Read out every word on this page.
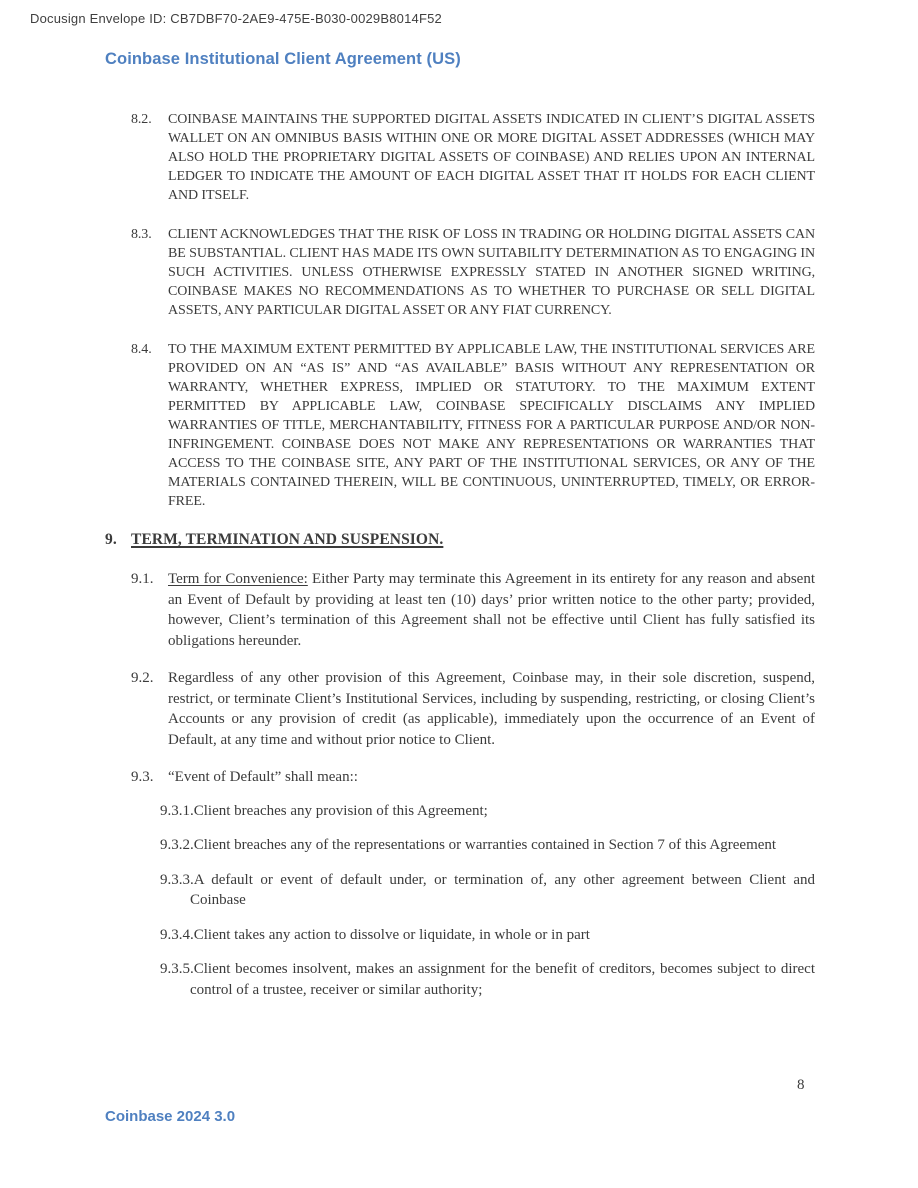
Docusign Envelope ID: CB7DBF70-2AE9-475E-B030-0029B8014F52
Coinbase Institutional Client Agreement (US)
8.2.	COINBASE MAINTAINS THE SUPPORTED DIGITAL ASSETS INDICATED IN CLIENT’S DIGITAL ASSETS WALLET ON AN OMNIBUS BASIS WITHIN ONE OR MORE DIGITAL ASSET ADDRESSES (WHICH MAY ALSO HOLD THE PROPRIETARY DIGITAL ASSETS OF COINBASE) AND RELIES UPON AN INTERNAL LEDGER TO INDICATE THE AMOUNT OF EACH DIGITAL ASSET THAT IT HOLDS FOR EACH CLIENT AND ITSELF.
8.3.	CLIENT ACKNOWLEDGES THAT THE RISK OF LOSS IN TRADING OR HOLDING DIGITAL ASSETS CAN BE SUBSTANTIAL. CLIENT HAS MADE ITS OWN SUITABILITY DETERMINATION AS TO ENGAGING IN SUCH ACTIVITIES. UNLESS OTHERWISE EXPRESSLY STATED IN ANOTHER SIGNED WRITING, COINBASE MAKES NO RECOMMENDATIONS AS TO WHETHER TO PURCHASE OR SELL DIGITAL ASSETS, ANY PARTICULAR DIGITAL ASSET OR ANY FIAT CURRENCY.
8.4.	TO THE MAXIMUM EXTENT PERMITTED BY APPLICABLE LAW, THE INSTITUTIONAL SERVICES ARE PROVIDED ON AN “AS IS” AND “AS AVAILABLE” BASIS WITHOUT ANY REPRESENTATION OR WARRANTY, WHETHER EXPRESS, IMPLIED OR STATUTORY. TO THE MAXIMUM EXTENT PERMITTED BY APPLICABLE LAW, COINBASE SPECIFICALLY DISCLAIMS ANY IMPLIED WARRANTIES OF TITLE, MERCHANTABILITY, FITNESS FOR A PARTICULAR PURPOSE AND/OR NON-INFRINGEMENT. COINBASE DOES NOT MAKE ANY REPRESENTATIONS OR WARRANTIES THAT ACCESS TO THE COINBASE SITE, ANY PART OF THE INSTITUTIONAL SERVICES, OR ANY OF THE MATERIALS CONTAINED THEREIN, WILL BE CONTINUOUS, UNINTERRUPTED, TIMELY, OR ERROR-FREE.
9. TERM, TERMINATION AND SUSPENSION.
9.1. Term for Convenience: Either Party may terminate this Agreement in its entirety for any reason and absent an Event of Default by providing at least ten (10) days’ prior written notice to the other party; provided, however, Client’s termination of this Agreement shall not be effective until Client has fully satisfied its obligations hereunder.
9.2. Regardless of any other provision of this Agreement, Coinbase may, in their sole discretion, suspend, restrict, or terminate Client’s Institutional Services, including by suspending, restricting, or closing Client’s Accounts or any provision of credit (as applicable), immediately upon the occurrence of an Event of Default, at any time and without prior notice to Client.
9.3. “Event of Default” shall mean::
9.3.1.Client breaches any provision of this Agreement;
9.3.2.Client breaches any of the representations or warranties contained in Section 7 of this Agreement
9.3.3.A default or event of default under, or termination of, any other agreement between Client and Coinbase
9.3.4.Client takes any action to dissolve or liquidate, in whole or in part
9.3.5.Client becomes insolvent, makes an assignment for the benefit of creditors, becomes subject to direct control of a trustee, receiver or similar authority;
8
Coinbase 2024 3.0
